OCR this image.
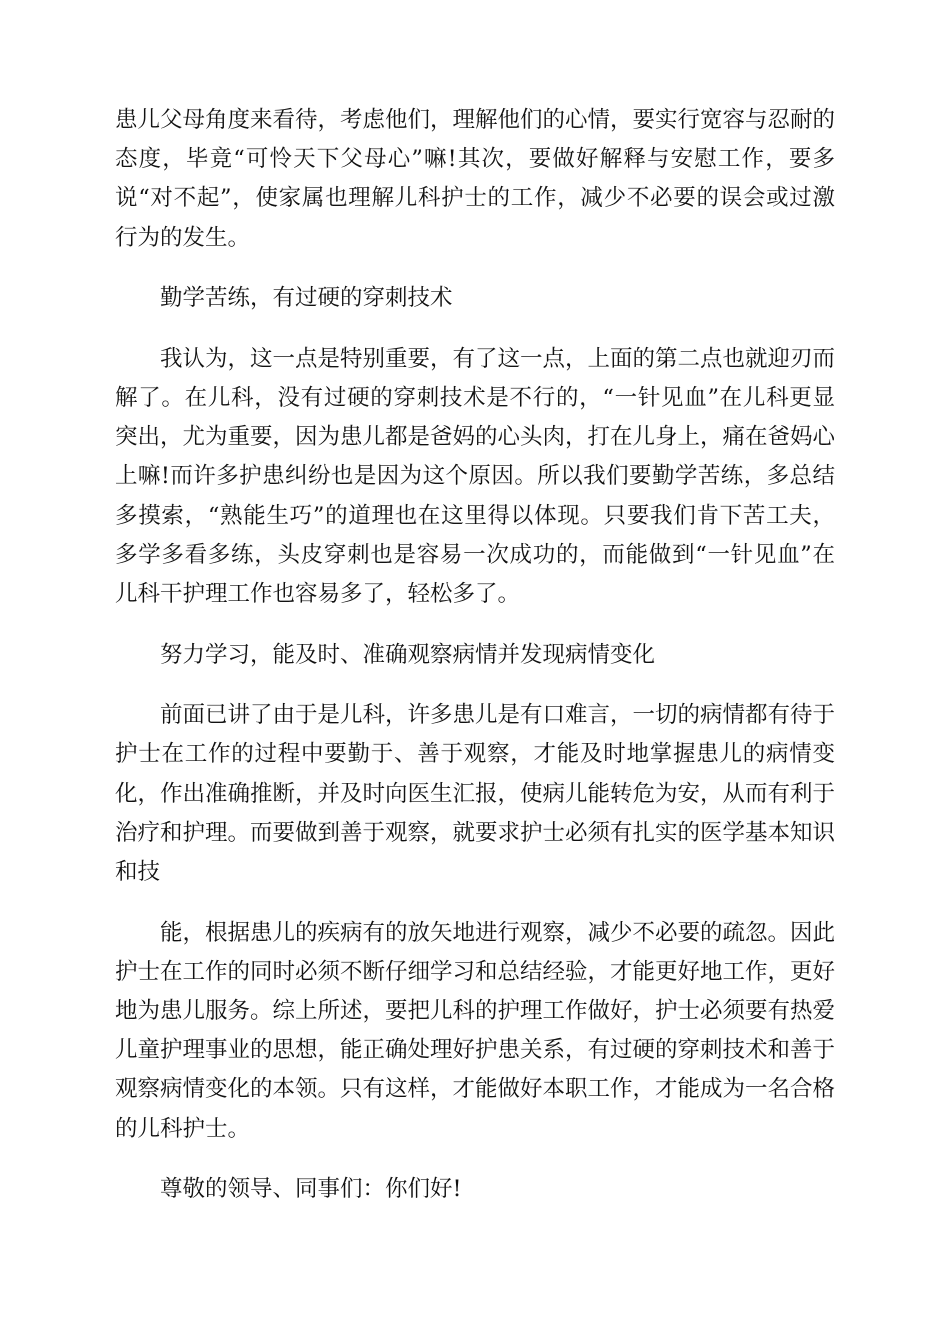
患儿父母角度来看待，考虑他们，理解他们的心情，要实行宽容与忍耐的
态度，毕竟“可怜天下父母心”嘛!其次，要做好解释与安慰工作，要多
说“对不起”，使家属也理解儿科护士的工作，减少不必要的误会或过激
行为的发生。
勤学苦练，有过硬的穿刺技术
我认为，这一点是特别重要，有了这一点，上面的第二点也就迎刃而
解了。在儿科，没有过硬的穿刺技术是不行的，“一针见血”在儿科更显
突出，尤为重要，因为患儿都是爸妈的心头肉，打在儿身上，痛在爸妈心
上嘛!而许多护患纠纷也是因为这个原因。所以我们要勤学苦练，多总结
多摸索，“熟能生巧”的道理也在这里得以体现。只要我们肯下苦工夫，
多学多看多练，头皮穿刺也是容易一次成功的，而能做到“一针见血”在
儿科干护理工作也容易多了，轻松多了。
努力学习，能及时、准确观察病情并发现病情变化
前面已讲了由于是儿科，许多患儿是有口难言，一切的病情都有待于
护士在工作的过程中要勤于、善于观察，才能及时地掌握患儿的病情变
化，作出准确推断，并及时向医生汇报，使病儿能转危为安，从而有利于
治疗和护理。而要做到善于观察，就要求护士必须有扎实的医学基本知识
和技
能，根据患儿的疾病有的放矢地进行观察，减少不必要的疏忽。因此
护士在工作的同时必须不断仔细学习和总结经验，才能更好地工作，更好
地为患儿服务。综上所述，要把儿科的护理工作做好，护士必须要有热爱
儿童护理事业的思想，能正确处理好护患关系，有过硬的穿刺技术和善于
观察病情变化的本领。只有这样，才能做好本职工作，才能成为一名合格
的儿科护士。
尊敬的领导、同事们：你们好!
